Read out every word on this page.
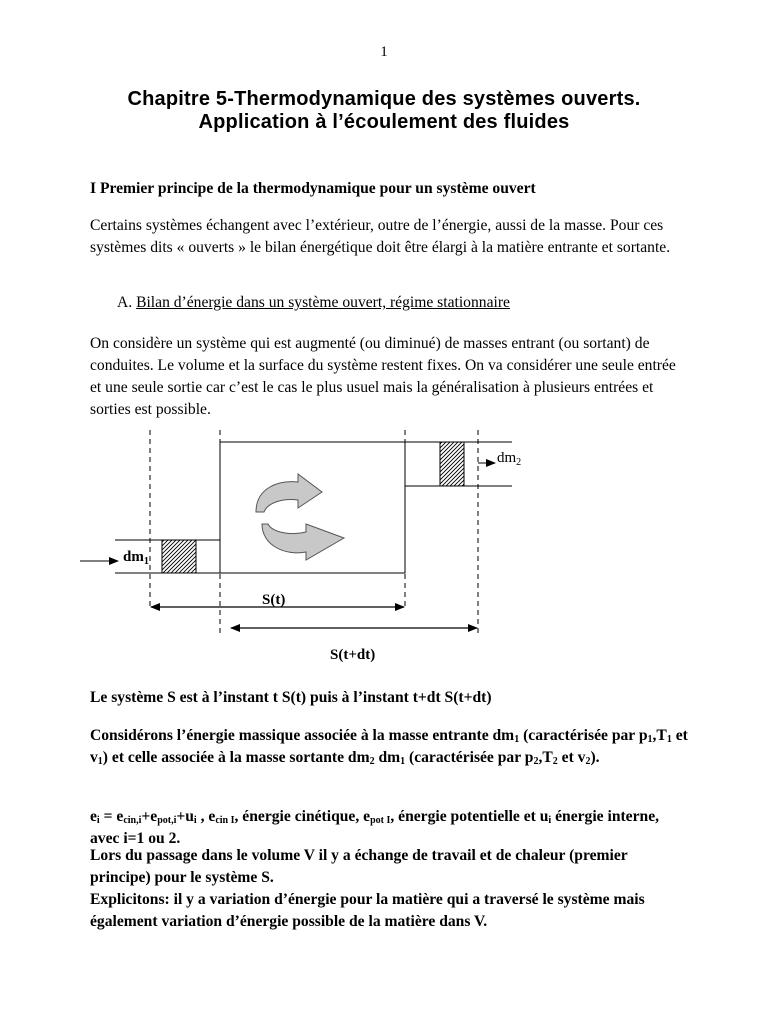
1
Chapitre 5-Thermodynamique des systèmes ouverts.
Application à l’écoulement des fluides
I Premier principe de la thermodynamique pour un système ouvert

Certains systèmes échangent avec l’extérieur, outre de l’énergie, aussi de la masse. Pour ces systèmes dits « ouverts » le bilan énergétique doit être élargi à la matière entrante et sortante.

A. Bilan d’énergie dans un système ouvert, régime stationnaire

On considère un système qui est augmenté (ou diminué) de masses entrant (ou sortant) de conduites. Le volume et la surface du système restent fixes. On va considérer une seule entrée et une seule sortie car c’est le cas le plus usuel mais la généralisation à plusieurs entrées et sorties est possible.

$dm_1$
$dm_2$
S(t)
S(t+dt)
Le système S est à l’instant t S(t) puis à l’instant t+dt S(t+dt)
Considérons l’énergie massique associée à la masse entrante $dm_1$ (caractérisée par $p_1,T_1$ et $v_1$) et celle associée à la masse sortante $dm_2$ $dm_1$ (caractérisée par $p_2,T_2$ et $v_2$).
$e_i = e_{cin,i}+e_{pot,i}+u_i$ , $e_{cin I}$, énergie cinétique, $e_{pot I}$, énergie potentielle et $u_i$ énergie interne, avec i=1 ou 2.
Lors du passage dans le volume V il y a échange de travail et de chaleur (premier principe) pour le système S.
Explicitons: il y a variation d’énergie pour la matière qui a traversé le système mais également variation d’énergie possible de la matière dans V.
